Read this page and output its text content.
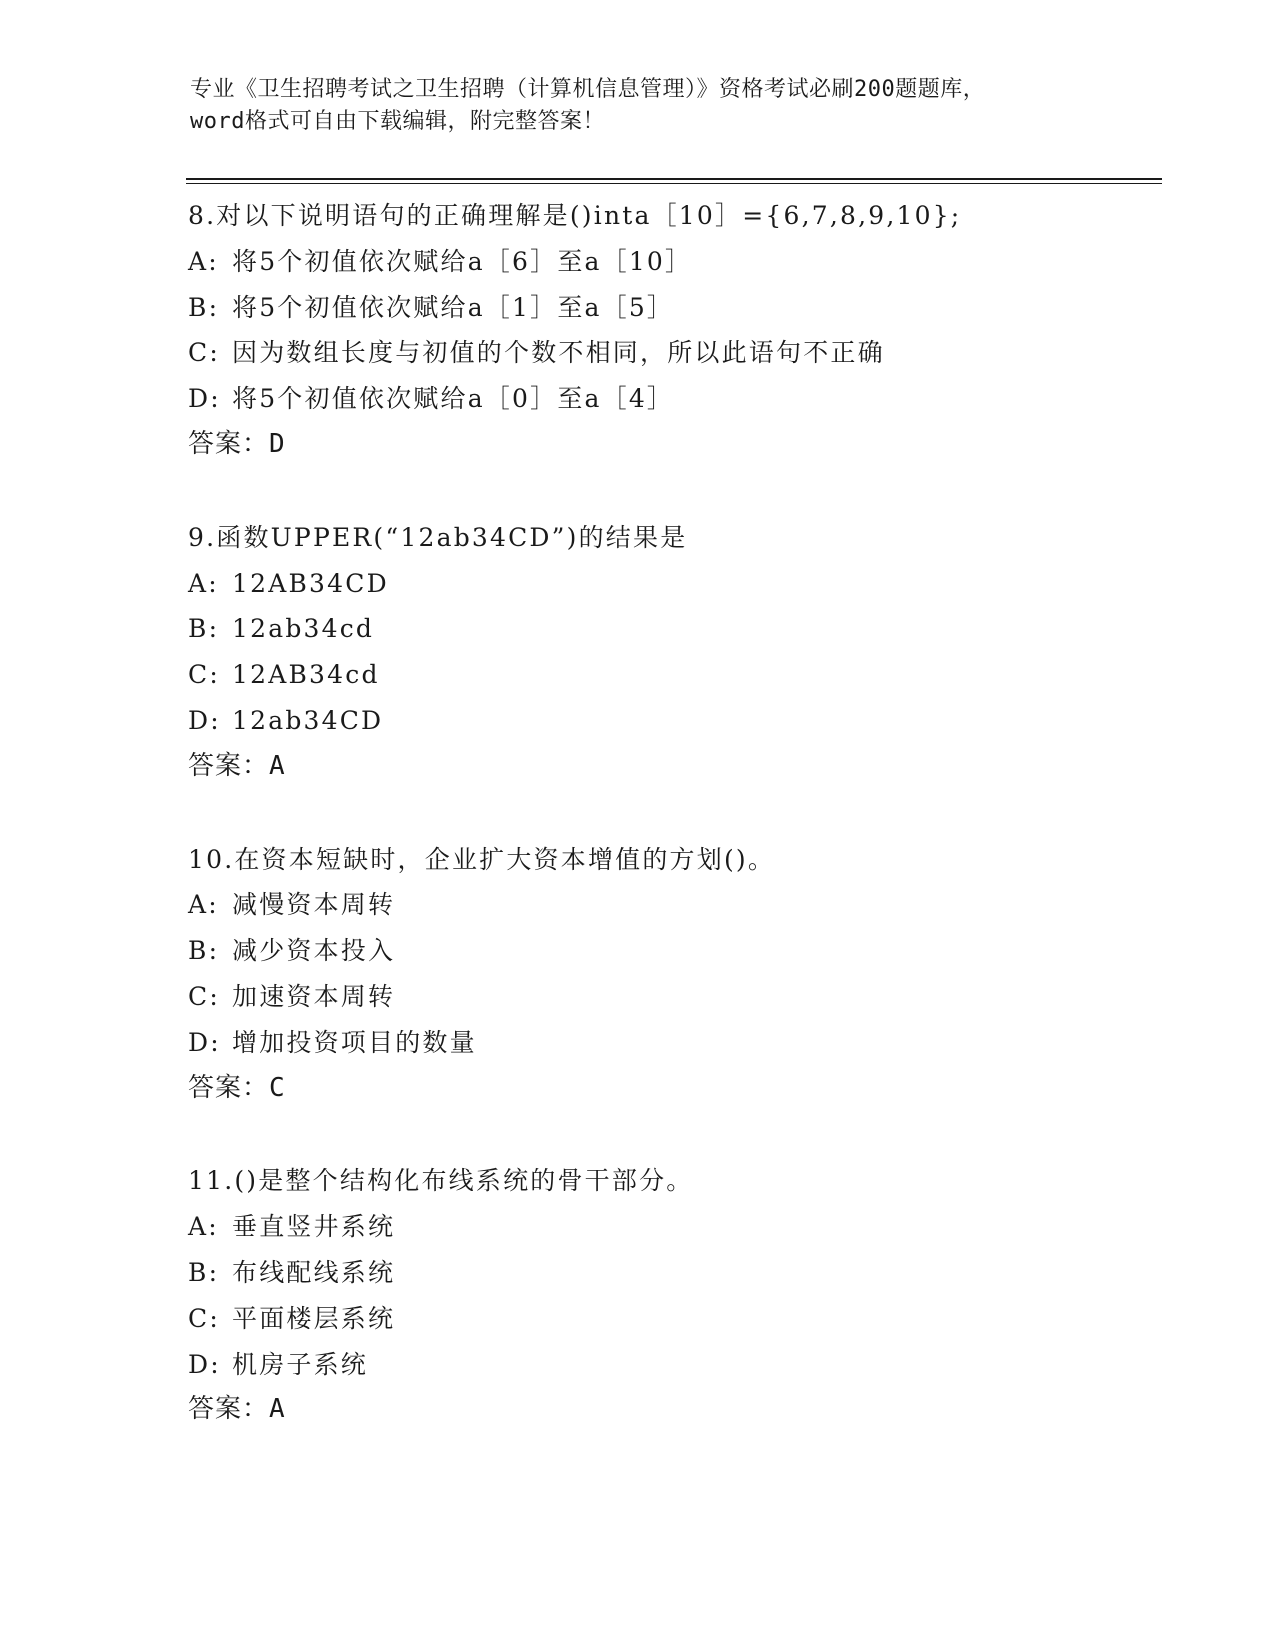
专业《卫生招聘考试之卫生招聘（计算机信息管理）》资格考试必刷200题题库，
word格式可自由下载编辑，附完整答案！
8.对以下说明语句的正确理解是()inta［10］={6,7,8,9,10};
A: 将5个初值依次赋给a［6］至a［10］
B: 将5个初值依次赋给a［1］至a［5］
C: 因为数组长度与初值的个数不相同，所以此语句不正确
D: 将5个初值依次赋给a［0］至a［4］
答案：D
9.函数UPPER(“12ab34CD”)的结果是
A: 12AB34CD
B: 12ab34cd
C: 12AB34cd
D: 12ab34CD
答案：A
10.在资本短缺时，企业扩大资本增值的方划()。
A: 减慢资本周转
B: 减少资本投入
C: 加速资本周转
D: 增加投资项目的数量
答案：C
11.()是整个结构化布线系统的骨干部分。
A: 垂直竖井系统
B: 布线配线系统
C: 平面楼层系统
D: 机房子系统
答案：A
